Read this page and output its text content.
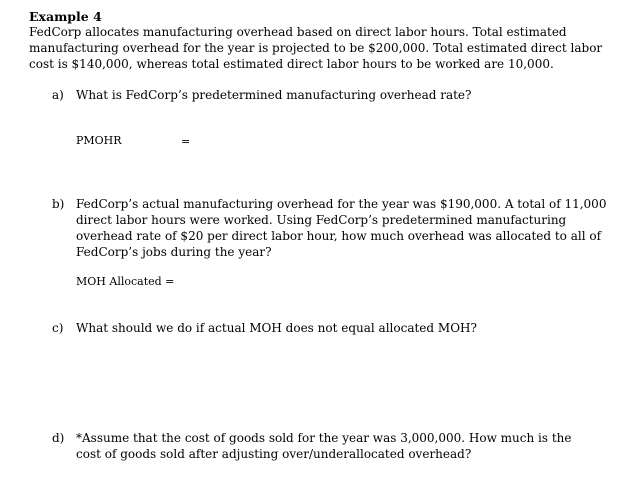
Example 4
FedCorp allocates manufacturing overhead based on direct labor hours. Total estimated manufacturing overhead for the year is projected to be $200,000. Total estimated direct labor cost is $140,000, whereas total estimated direct labor hours to be worked are 10,000.
a) What is FedCorp’s predetermined manufacturing overhead rate?
PMOHR	=
b) FedCorp’s actual manufacturing overhead for the year was $190,000. A total of 11,000 direct labor hours were worked. Using FedCorp’s predetermined manufacturing overhead rate of $20 per direct labor hour, how much overhead was allocated to all of FedCorp’s jobs during the year?
MOH Allocated =
c) What should we do if actual MOH does not equal allocated MOH?
d) *Assume that the cost of goods sold for the year was 3,000,000. How much is the cost of goods sold after adjusting over/underallocated overhead?
